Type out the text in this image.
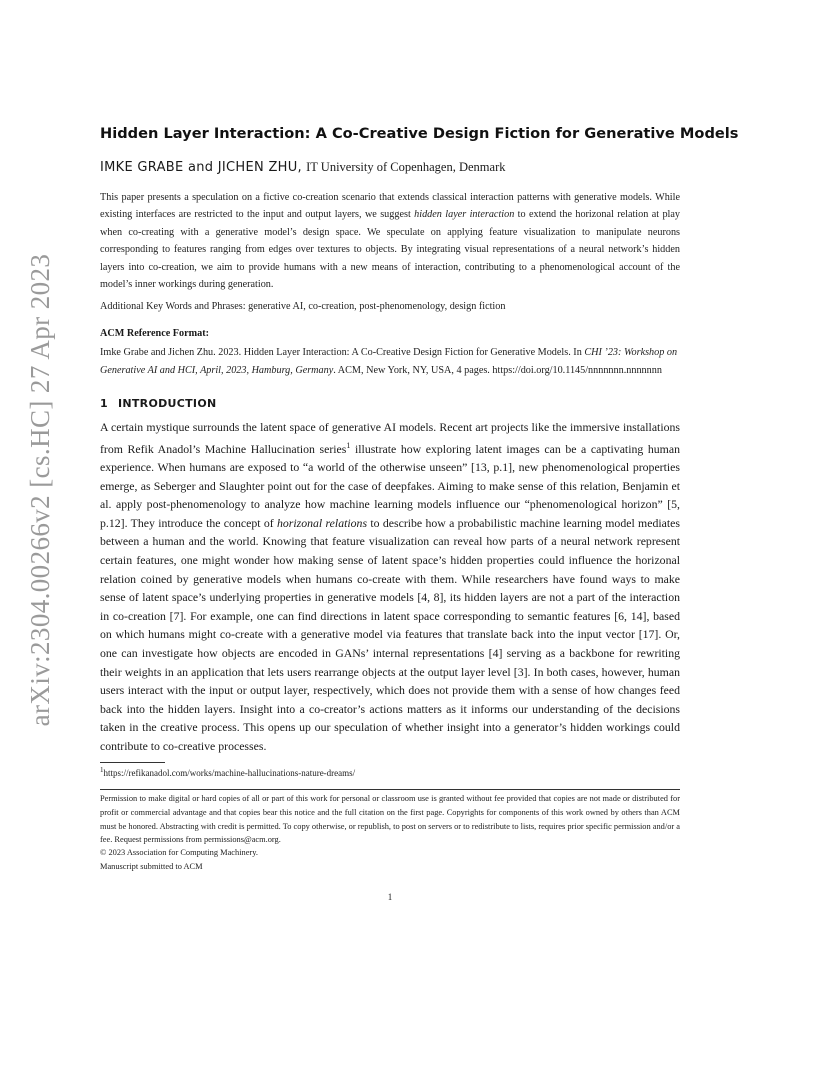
arXiv:2304.00266v2 [cs.HC] 27 Apr 2023
Hidden Layer Interaction: A Co-Creative Design Fiction for Generative Models
IMKE GRABE and JICHEN ZHU, IT University of Copenhagen, Denmark
This paper presents a speculation on a fictive co-creation scenario that extends classical interaction patterns with generative models. While existing interfaces are restricted to the input and output layers, we suggest hidden layer interaction to extend the horizonal relation at play when co-creating with a generative model’s design space. We speculate on applying feature visualization to manipulate neurons corresponding to features ranging from edges over textures to objects. By integrating visual representations of a neural network’s hidden layers into co-creation, we aim to provide humans with a new means of interaction, contributing to a phenomenological account of the model’s inner workings during generation.
Additional Key Words and Phrases: generative AI, co-creation, post-phenomenology, design fiction
ACM Reference Format:
Imke Grabe and Jichen Zhu. 2023. Hidden Layer Interaction: A Co-Creative Design Fiction for Generative Models. In CHI ’23: Workshop on Generative AI and HCI, April, 2023, Hamburg, Germany. ACM, New York, NY, USA, 4 pages. https://doi.org/10.1145/nnnnnnn.nnnnnnn
1 INTRODUCTION
A certain mystique surrounds the latent space of generative AI models. Recent art projects like the immersive installations from Refik Anadol’s Machine Hallucination series$^1$ illustrate how exploring latent images can be a captivating human experience. When humans are exposed to “a world of the otherwise unseen” [13, p.1], new phenomenological properties emerge, as Seberger and Slaughter point out for the case of deepfakes. Aiming to make sense of this relation, Benjamin et al. apply post-phenomenology to analyze how machine learning models influence our “phenomenological horizon” [5, p.12]. They introduce the concept of horizonal relations to describe how a probabilistic machine learning model mediates between a human and the world. Knowing that feature visualization can reveal how parts of a neural network represent certain features, one might wonder how making sense of latent space’s hidden properties could influence the horizonal relation coined by generative models when humans co-create with them. While researchers have found ways to make sense of latent space’s underlying properties in generative models [4, 8], its hidden layers are not a part of the interaction in co-creation [7]. For example, one can find directions in latent space corresponding to semantic features [6, 14], based on which humans might co-create with a generative model via features that translate back into the input vector [17]. Or, one can investigate how objects are encoded in GANs’ internal representations [4] serving as a backbone for rewriting their weights in an application that lets users rearrange objects at the output layer level [3]. In both cases, however, human users interact with the input or output layer, respectively, which does not provide them with a sense of how changes feed back into the hidden layers. Insight into a co-creator’s actions matters as it informs our understanding of the decisions taken in the creative process. This opens up our speculation of whether insight into a generator’s hidden workings could contribute to co-creative processes.
$^1$https://refikanadol.com/works/machine-hallucinations-nature-dreams/
Permission to make digital or hard copies of all or part of this work for personal or classroom use is granted without fee provided that copies are not made or distributed for profit or commercial advantage and that copies bear this notice and the full citation on the first page. Copyrights for components of this work owned by others than ACM must be honored. Abstracting with credit is permitted. To copy otherwise, or republish, to post on servers or to redistribute to lists, requires prior specific permission and/or a fee. Request permissions from permissions@acm.org.
© 2023 Association for Computing Machinery.
Manuscript submitted to ACM
1
